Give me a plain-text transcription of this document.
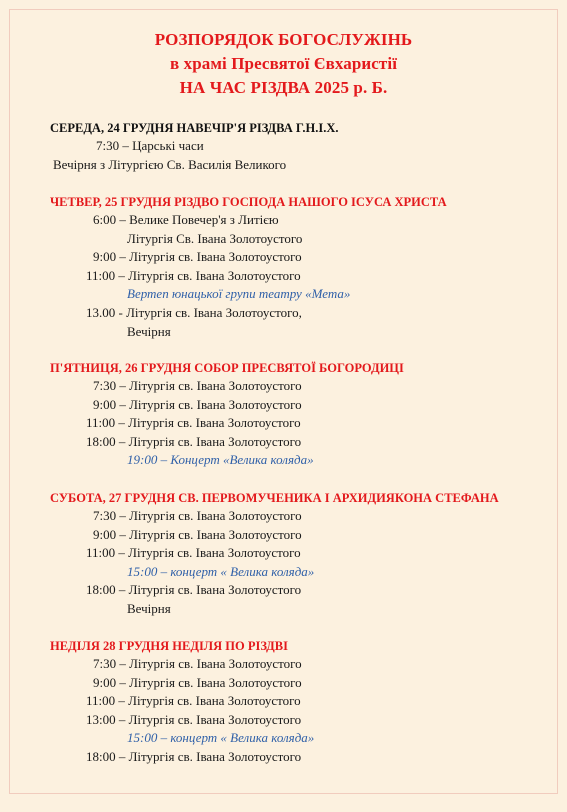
РОЗПОРЯДОК БОГОСЛУЖІНЬ
в храмі Пресвятої Євхаристії
НА ЧАС РІЗДВА 2025 р. Б.
СЕРЕДА, 24 ГРУДНЯ НАВЕЧІР'Я РІЗДВА Г.Н.І.Х.
7:30 – Царські часи
Вечірня з Літургією Св. Василія Великого
ЧЕТВЕР, 25 ГРУДНЯ РІЗДВО ГОСПОДА НАШОГО ІСУСА ХРИСТА
6:00 – Велике Повечер'я з Литією
Літургія Св. Івана Золотоустого
9:00 – Літургія св. Івана Золотоустого
11:00 – Літургія св. Івана Золотоустого
Вертеп юнацької групи театру «Мета»
13.00 - Літургія св. Івана Золотоустого,
Вечірня
П'ЯТНИЦЯ, 26 ГРУДНЯ СОБОР ПРЕСВЯТОЇ БОГОРОДИЦІ
7:30 – Літургія св. Івана Золотоустого
9:00 – Літургія св. Івана Золотоустого
11:00 – Літургія св. Івана Золотоустого
18:00 – Літургія св. Івана Золотоустого
19:00 – Концерт «Велика коляда»
СУБОТА, 27 ГРУДНЯ СВ. ПЕРВОМУЧЕНИКА І АРХИДИЯКОНА СТЕФАНА
7:30 – Літургія св. Івана Золотоустого
9:00 – Літургія св. Івана Золотоустого
11:00 – Літургія св. Івана Золотоустого
15:00 – концерт « Велика коляда»
18:00 – Літургія св. Івана Золотоустого
Вечірня
НЕДІЛЯ 28 ГРУДНЯ НЕДІЛЯ ПО РІЗДВІ
7:30 – Літургія св. Івана Золотоустого
9:00 – Літургія св. Івана Золотоустого
11:00 – Літургія св. Івана Золотоустого
13:00 – Літургія св. Івана Золотоустого
15:00 – концерт « Велика коляда»
18:00 – Літургія св. Івана Золотоустого
